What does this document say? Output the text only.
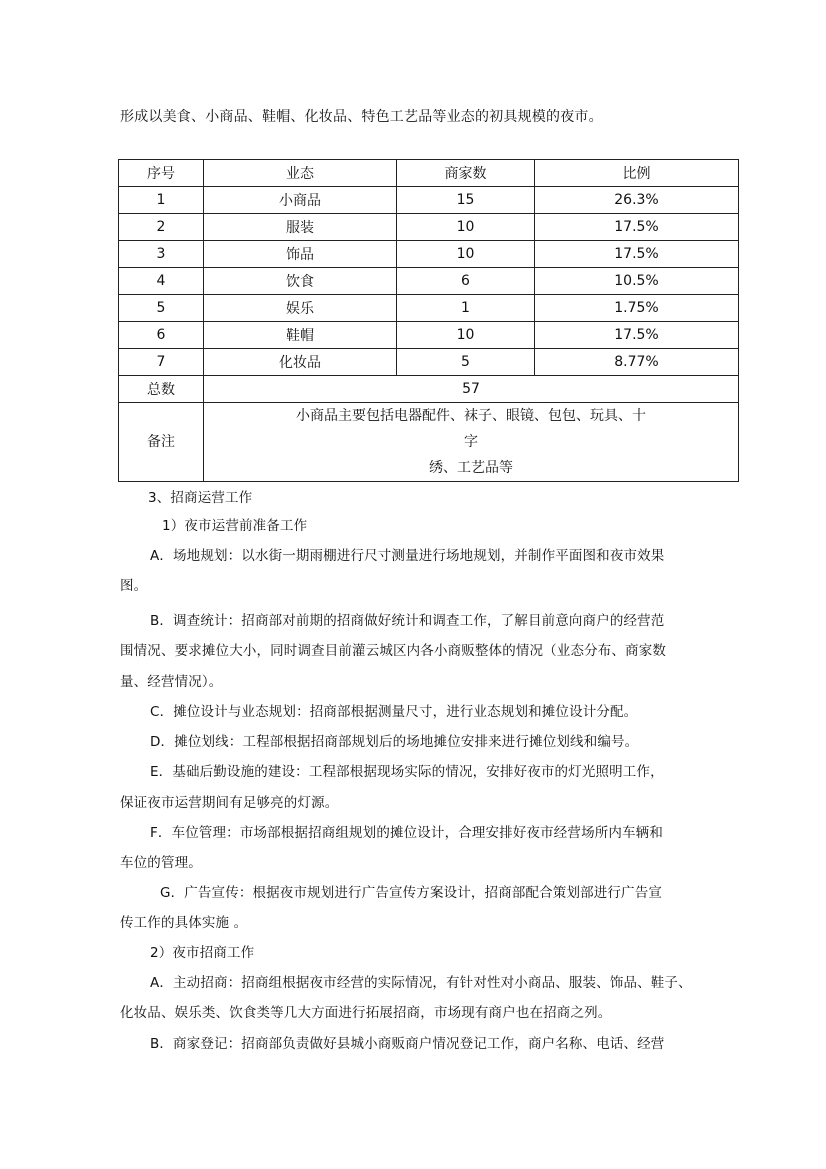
形成以美食、小商品、鞋帽、化妆品、特色工艺品等业态的初具规模的夜市。
序号	业态	商家数	比例
1	小商品	15	26.3%
2	服装	10	17.5%
3	饰品	10	17.5%
4	饮食	6	10.5%
5	娱乐	1	1.75%
6	鞋帽	10	17.5%
7	化妆品	5	8.77%
总数	57		
备注	小商品主要包括电器配件、袜子、眼镜、包包、玩具、十字
绣、工艺品等		
3、招商运营工作
1）夜市运营前准备工作
A．场地规划：以水街一期雨棚进行尺寸测量进行场地规划，并制作平面图和夜市效果
图。
B．调查统计：招商部对前期的招商做好统计和调查工作，了解目前意向商户的经营范
围情况、要求摊位大小，同时调查目前灌云城区内各小商贩整体的情况（业态分布、商家数
量、经营情况）。
C．摊位设计与业态规划：招商部根据测量尺寸，进行业态规划和摊位设计分配。
D．摊位划线：工程部根据招商部规划后的场地摊位安排来进行摊位划线和编号。
E．基础后勤设施的建设：工程部根据现场实际的情况，安排好夜市的灯光照明工作，
保证夜市运营期间有足够亮的灯源。
F．车位管理：市场部根据招商组规划的摊位设计，合理安排好夜市经营场所内车辆和
车位的管理。
G．广告宣传：根据夜市规划进行广告宣传方案设计，招商部配合策划部进行广告宣
传工作的具体实施 。
2）夜市招商工作
A．主动招商：招商组根据夜市经营的实际情况，有针对性对小商品、服装、饰品、鞋子、
化妆品、娱乐类、饮食类等几大方面进行拓展招商，市场现有商户也在招商之列。
B．商家登记：招商部负责做好县城小商贩商户情况登记工作，商户名称、电话、经营
